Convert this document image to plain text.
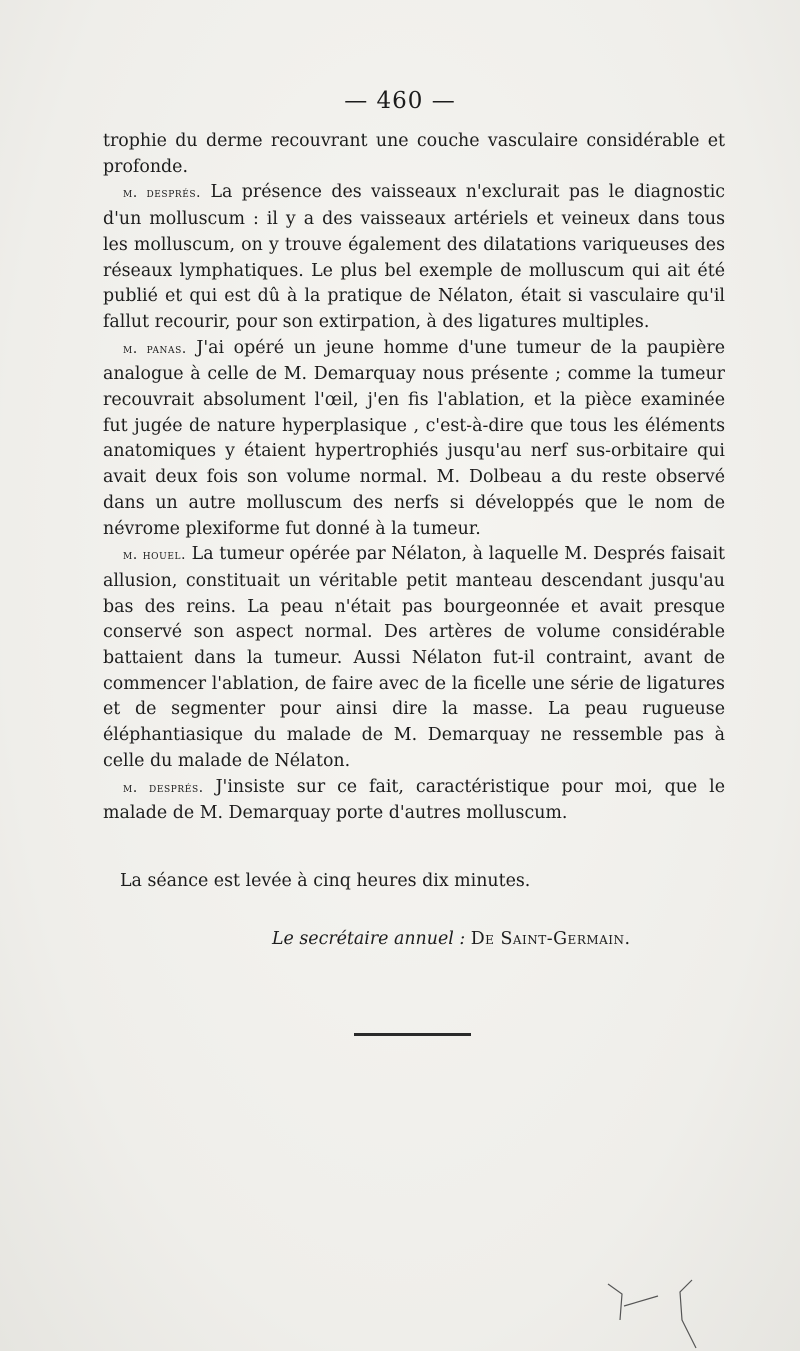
— 460 —

trophie du derme recouvrant une couche vasculaire considérable et profonde.

m. després. La présence des vaisseaux n'exclurait pas le diagnostic d'un molluscum : il y a des vaisseaux artériels et veineux dans tous les molluscum, on y trouve également des dilatations variqueuses des réseaux lymphatiques. Le plus bel exemple de molluscum qui ait été publié et qui est dû à la pratique de Nélaton, était si vasculaire qu'il fallut recourir, pour son extirpation, à des ligatures multiples.

m. panas. J'ai opéré un jeune homme d'une tumeur de la paupière analogue à celle de M. Demarquay nous présente ; comme la tumeur recouvrait absolument l'œil, j'en fis l'ablation, et la pièce examinée fut jugée de nature hyperplasique , c'est-à-dire que tous les éléments anatomiques y étaient hypertrophiés jusqu'au nerf sus-orbitaire qui avait deux fois son volume normal. M. Dolbeau a du reste observé dans un autre molluscum des nerfs si développés que le nom de névrome plexiforme fut donné à la tumeur.

m. houel. La tumeur opérée par Nélaton, à laquelle M. Després faisait allusion, constituait un véritable petit manteau descendant jusqu'au bas des reins. La peau n'était pas bourgeonnée et avait presque conservé son aspect normal. Des artères de volume considérable battaient dans la tumeur. Aussi Nélaton fut-il contraint, avant de commencer l'ablation, de faire avec de la ficelle une série de ligatures et de segmenter pour ainsi dire la masse. La peau rugueuse éléphantiasique du malade de M. Demarquay ne ressemble pas à celle du malade de Nélaton.

m. després. J'insiste sur ce fait, caractéristique pour moi, que le malade de M. Demarquay porte d'autres molluscum.

La séance est levée à cinq heures dix minutes.
Le secrétaire annuel : De Saint-Germain.
